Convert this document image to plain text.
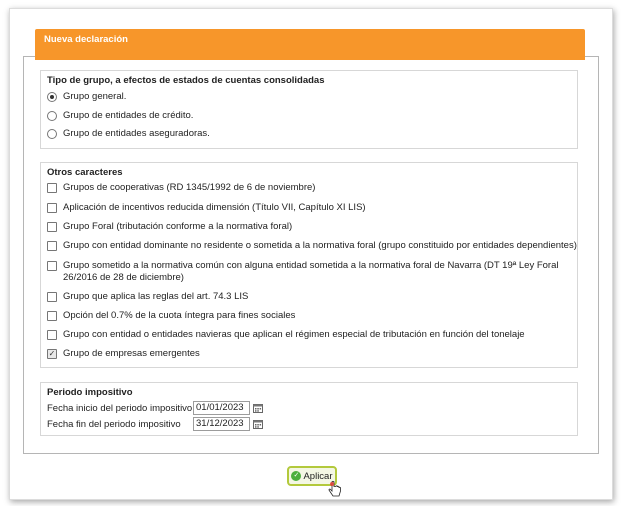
Nueva declaración
Tipo de grupo, a efectos de estados de cuentas consolidadas
Grupo general.
Grupo de entidades de crédito.
Grupo de entidades aseguradoras.
Otros caracteres
Grupos de cooperativas (RD 1345/1992 de 6 de noviembre)
Aplicación de incentivos reducida dimensión (Título VII, Capítulo XI LIS)
Grupo Foral (tributación conforme a la normativa foral)
Grupo con entidad dominante no residente o sometida a la normativa foral (grupo constituido por entidades dependientes)
Grupo sometido a la normativa común con alguna entidad sometida a la normativa foral de Navarra (DT 19ª Ley Foral 26/2016 de 28 de diciembre)
Grupo que aplica las reglas del art. 74.3 LIS
Opción del 0.7% de la cuota íntegra para fines sociales
Grupo con entidad o entidades navieras que aplican el régimen especial de tributación en función del tonelaje
✓ Grupo de empresas emergentes
Periodo impositivo
Fecha inicio del periodo impositivo 01/01/2023
Fecha fin del periodo impositivo	31/12/2023
✓ Aplicar
